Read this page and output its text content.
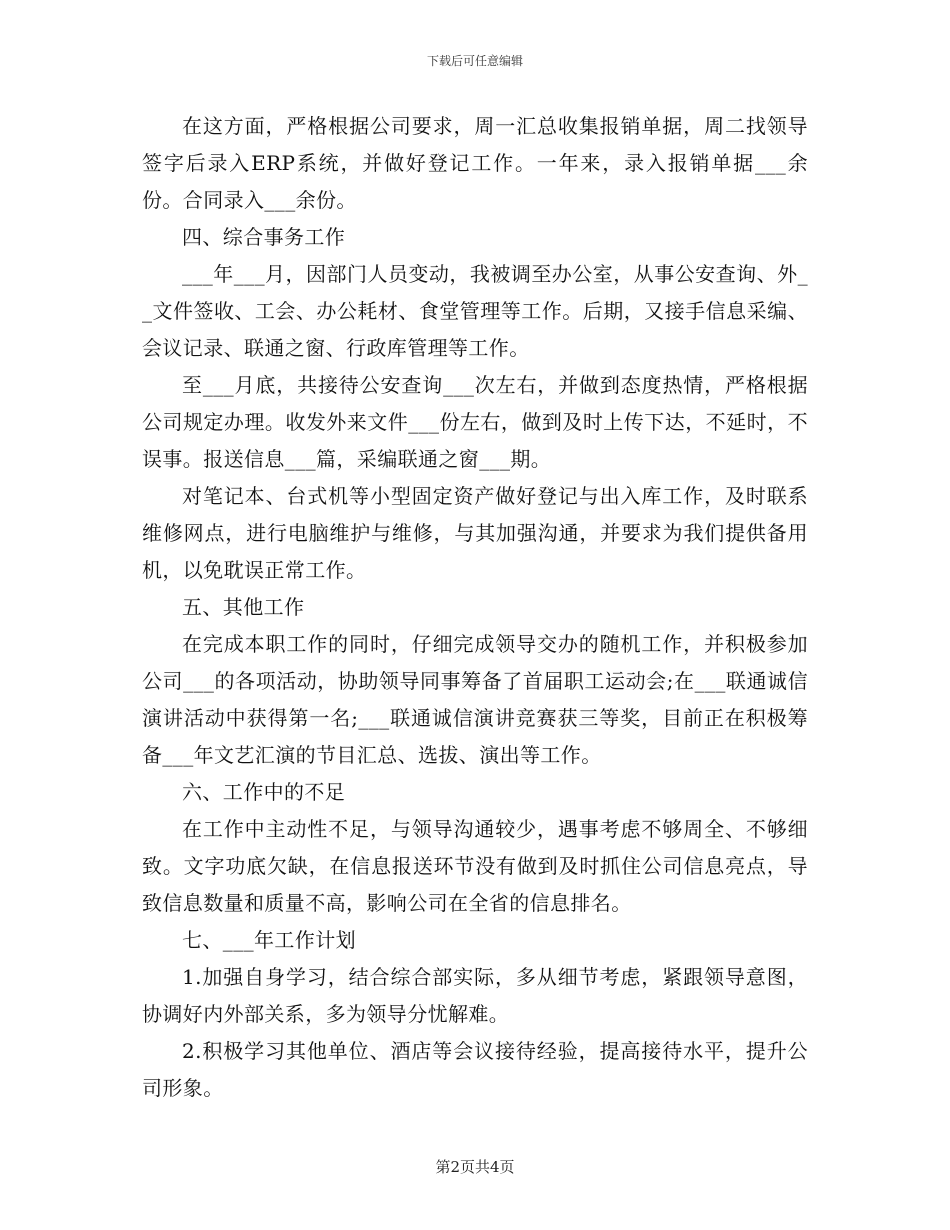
下载后可任意编辑

在这方面，严格根据公司要求，周一汇总收集报销单据，周二找领导签字后录入ERP系统，并做好登记工作。一年来，录入报销单据___余份。合同录入___余份。

四、综合事务工作

___年___月，因部门人员变动，我被调至办公室，从事公安查询、外__文件签收、工会、办公耗材、食堂管理等工作。后期，又接手信息采编、会议记录、联通之窗、行政库管理等工作。

至___月底，共接待公安查询___次左右，并做到态度热情，严格根据公司规定办理。收发外来文件___份左右，做到及时上传下达，不延时，不误事。报送信息___篇，采编联通之窗___期。

对笔记本、台式机等小型固定资产做好登记与出入库工作，及时联系维修网点，进行电脑维护与维修，与其加强沟通，并要求为我们提供备用机，以免耽误正常工作。

五、其他工作

在完成本职工作的同时，仔细完成领导交办的随机工作，并积极参加公司___的各项活动，协助领导同事筹备了首届职工运动会;在___联通诚信演讲活动中获得第一名;___联通诚信演讲竞赛获三等奖，目前正在积极筹备___年文艺汇演的节目汇总、选拔、演出等工作。

六、工作中的不足

在工作中主动性不足，与领导沟通较少，遇事考虑不够周全、不够细致。文字功底欠缺，在信息报送环节没有做到及时抓住公司信息亮点，导致信息数量和质量不高，影响公司在全省的信息排名。

七、___年工作计划

1.加强自身学习，结合综合部实际，多从细节考虑，紧跟领导意图，协调好内外部关系，多为领导分忧解难。

2.积极学习其他单位、酒店等会议接待经验，提高接待水平，提升公司形象。

第2页共4页
